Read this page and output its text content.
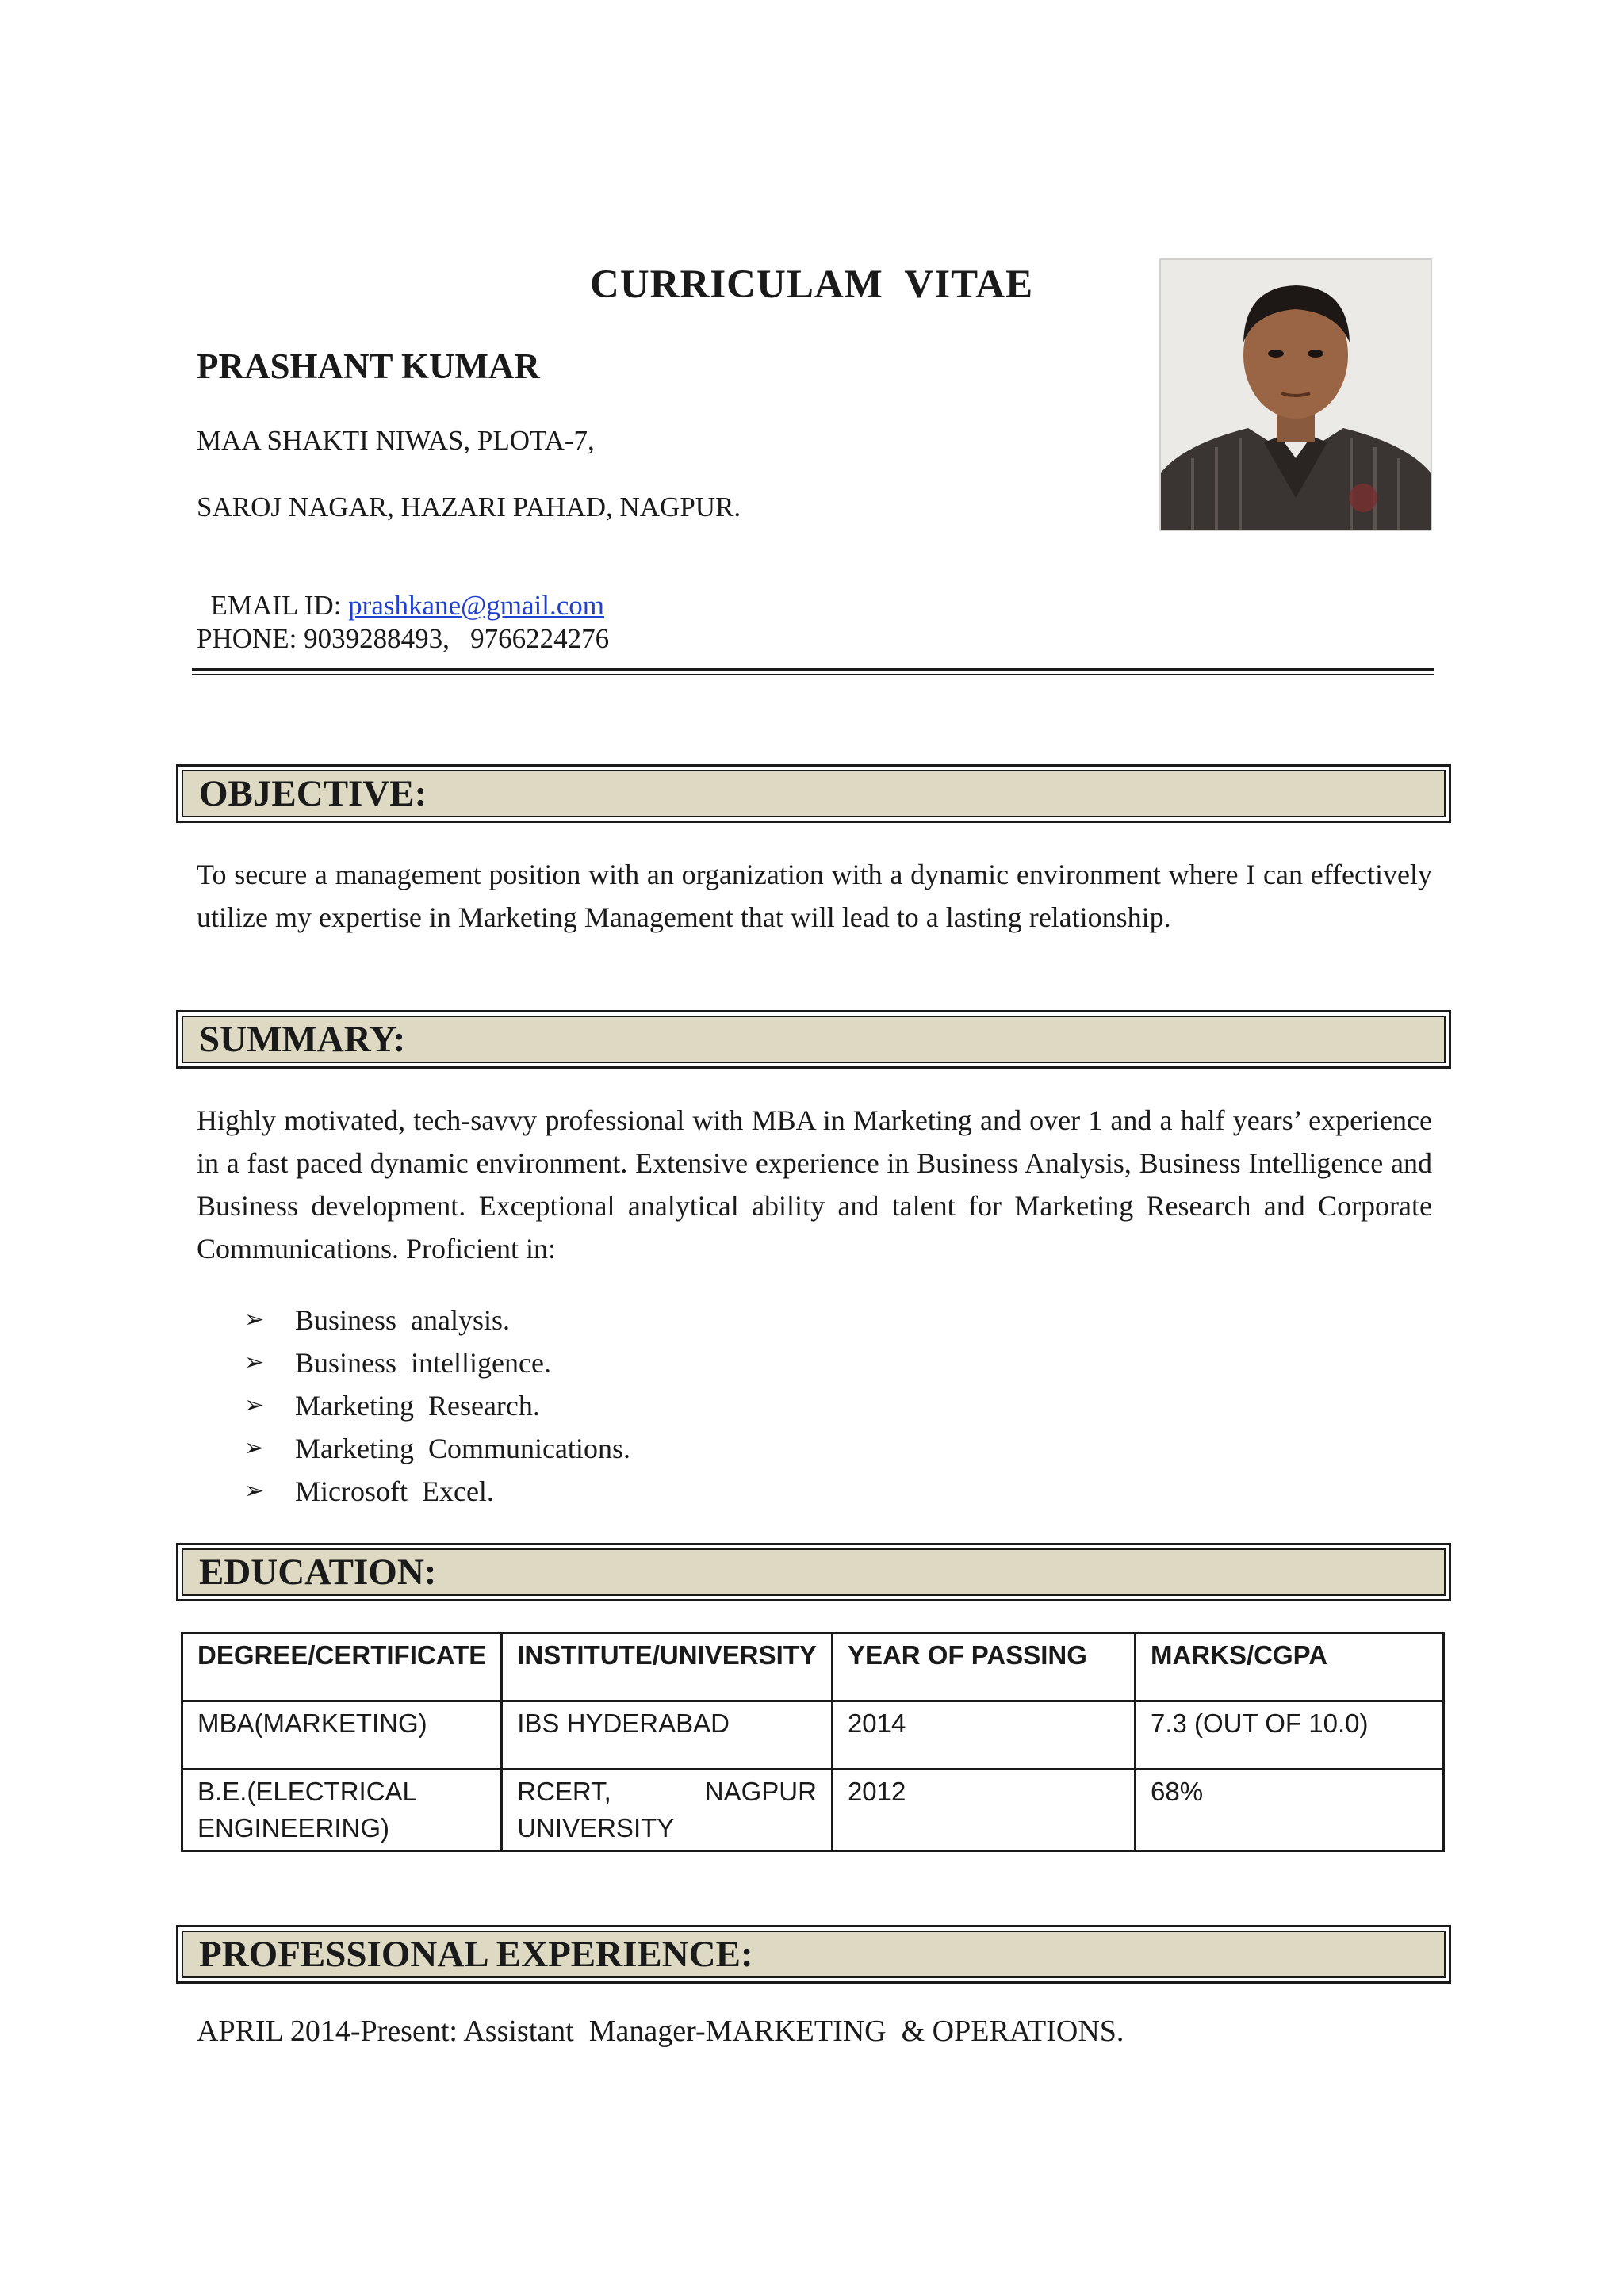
CURRICULAM  VITAE
PRASHANT KUMAR
MAA SHAKTI NIWAS, PLOTA-7,
SAROJ NAGAR, HAZARI PAHAD, NAGPUR.

EMAIL ID: prashkane@gmail.com

PHONE: 9039288493,   9766224276
OBJECTIVE:
To secure a management position with an organization with a dynamic environment where I can effectively utilize my expertise in Marketing Management that will lead to a lasting relationship.
SUMMARY:
Highly motivated, tech-savvy professional with MBA in Marketing and over 1 and a half years’ experience in a fast paced dynamic environment. Extensive experience in Business Analysis, Business Intelligence and Business development. Exceptional analytical ability and talent for Marketing Research and Corporate Communications. Proficient in:
➢ Business  analysis.
➢ Business  intelligence.
➢ Marketing  Research.
➢ Marketing  Communications.
➢ Microsoft  Excel.
EDUCATION:
DEGREE/CERTIFICATE	INSTITUTE/UNIVERSITY	YEAR OF PASSING	MARKS/CGPA
MBA(MARKETING)	IBS HYDERABAD	2014	7.3 (OUT OF 10.0)
B.E.(ELECTRICAL ENGINEERING)	RCERT,        NAGPUR UNIVERSITY	2012	68%
PROFESSIONAL EXPERIENCE:
APRIL 2014-Present: Assistant  Manager-MARKETING  & OPERATIONS.
